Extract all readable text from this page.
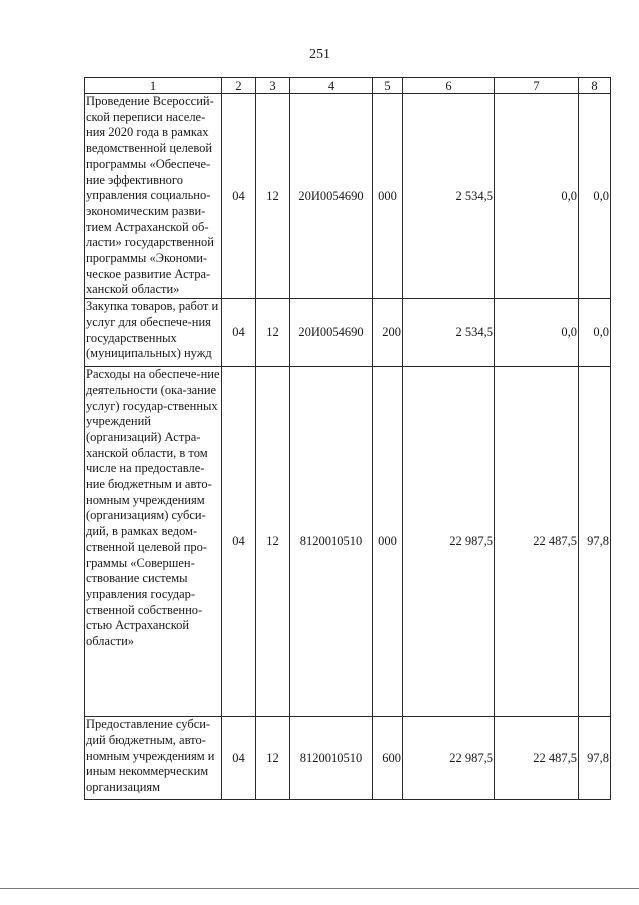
251
1	2	3	4	5	6	7	8
Проведение Всероссий-ской переписи населе-ния 2020 года в рамках ведомственной целевой программы «Обеспече-ние эффективного управления социально-экономическим разви-тием Астраханской об-ласти» государственной программы «Экономи-ческое развитие Астра-ханской области»	04	12	20И0054690	000	2 534,5	0,0	0,0
Закупка товаров, работ и услуг для обеспече-ния государственных (муниципальных) нужд	04	12	20И0054690	200	2 534,5	0,0	0,0
Расходы на обеспече-ние деятельности (ока-зание услуг) государ-ственных учреждений (организаций) Астра-ханской области, в том числе на предоставле-ние бюджетным и авто-номным учреждениям (организациям) субси-дий, в рамках ведом-ственной целевой про-граммы «Совершен-ствование системы управления государ-ственной собственно-стью Астраханской области»	04	12	8120010510	000	22 987,5	22 487,5	97,8
Предоставление субси-дий бюджетным, авто-номным учреждениям и иным некоммерческим организациям	04	12	8120010510	600	22 987,5	22 487,5	97,8
